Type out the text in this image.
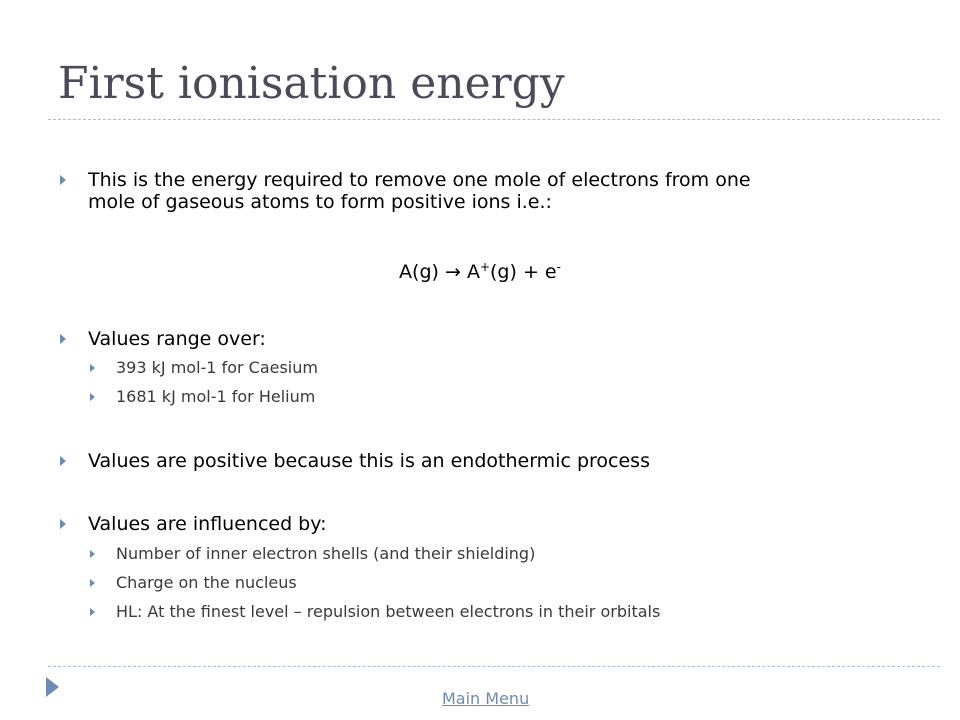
First ionisation energy
This is the energy required to remove one mole of electrons from one
mole of gaseous atoms to form positive ions i.e.:
A(g) → A+(g) + e-
Values range over:
393 kJ mol-1 for Caesium
1681 kJ mol-1 for Helium
Values are positive because this is an endothermic process
Values are influenced by:
Number of inner electron shells (and their shielding)
Charge on the nucleus
HL: At the finest level – repulsion between electrons in their orbitals
Main Menu
